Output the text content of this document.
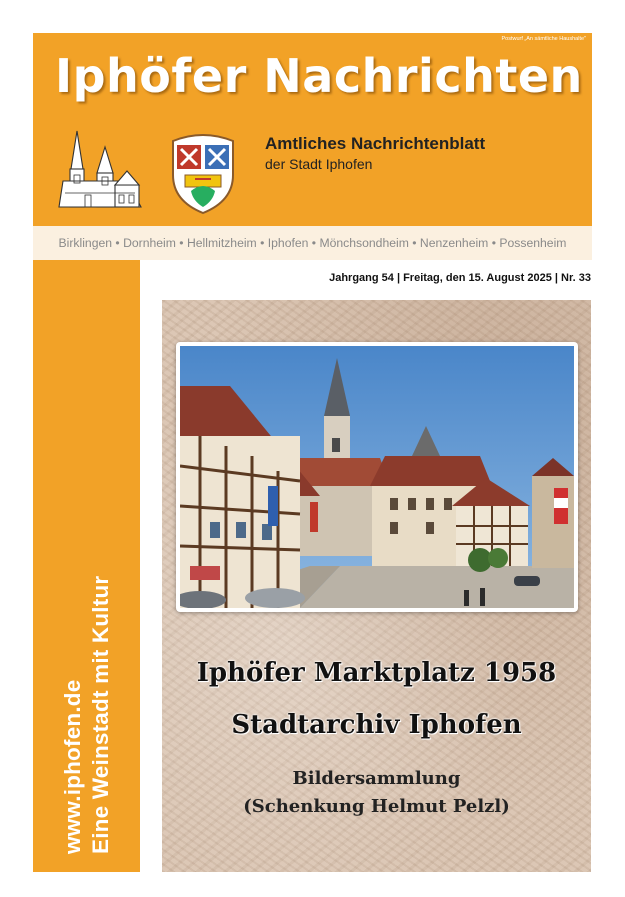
Postwurf „An sämtliche Haushalte"
Iphöfer Nachrichten
Amtliches Nachrichtenblatt
der Stadt Iphofen
Birklingen • Dornheim • Hellmitzheim • Iphofen • Mönchsondheim • Nenzenheim • Possenheim
www.iphofen.de Eine Weinstadt mit Kultur
Jahrgang 54 | Freitag, den 15. August 2025 | Nr. 33
Iphöfer Marktplatz 1958
Stadtarchiv Iphofen
Bildersammlung
(Schenkung Helmut Pelzl)
